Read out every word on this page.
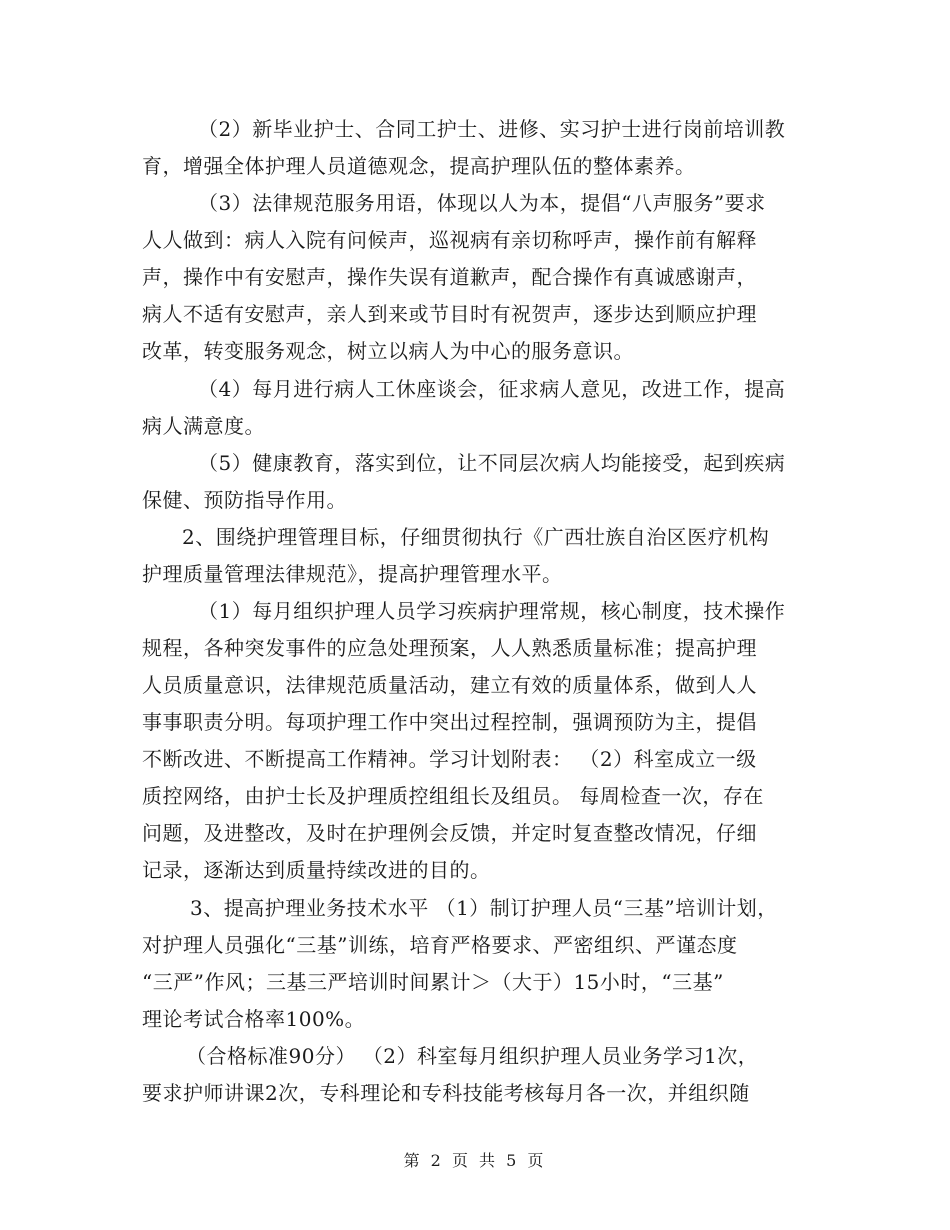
（2）新毕业护士、合同工护士、进修、实习护士进行岗前培训教
育，增强全体护理人员道德观念，提高护理队伍的整体素养。
（3）法律规范服务用语，体现以人为本，提倡“八声服务”要求
人人做到：病人入院有问候声，巡视病有亲切称呼声，操作前有解释
声，操作中有安慰声，操作失误有道歉声，配合操作有真诚感谢声，
病人不适有安慰声，亲人到来或节目时有祝贺声，逐步达到顺应护理
改革，转变服务观念，树立以病人为中心的服务意识。
（4）每月进行病人工休座谈会，征求病人意见，改进工作，提高
病人满意度。
（5）健康教育，落实到位，让不同层次病人均能接受，起到疾病
保健、预防指导作用。
2、围绕护理管理目标，仔细贯彻执行《广西壮族自治区医疗机构
护理质量管理法律规范》，提高护理管理水平。
（1）每月组织护理人员学习疾病护理常规，核心制度，技术操作
规程，各种突发事件的应急处理预案，人人熟悉质量标准；提高护理
人员质量意识，法律规范质量活动，建立有效的质量体系，做到人人
事事职责分明。每项护理工作中突出过程控制，强调预防为主，提倡
不断改进、不断提高工作精神。学习计划附表： （2）科室成立一级
质控网络，由护士长及护理质控组组长及组员。 每周检查一次，存在
问题，及进整改，及时在护理例会反馈，并定时复查整改情况，仔细
记录，逐渐达到质量持续改进的目的。
3、提高护理业务技术水平 （1）制订护理人员“三基”培训计划，
对护理人员强化“三基”训练，培育严格要求、严密组织、严谨态度
“三严”作风；三基三严培训时间累计＞（大于）15小时，“三基”
理论考试合格率100%。
（合格标准90分） （2）科室每月组织护理人员业务学习1次，
要求护师讲课2次，专科理论和专科技能考核每月各一次，并组织随
第 2 页 共 5 页
